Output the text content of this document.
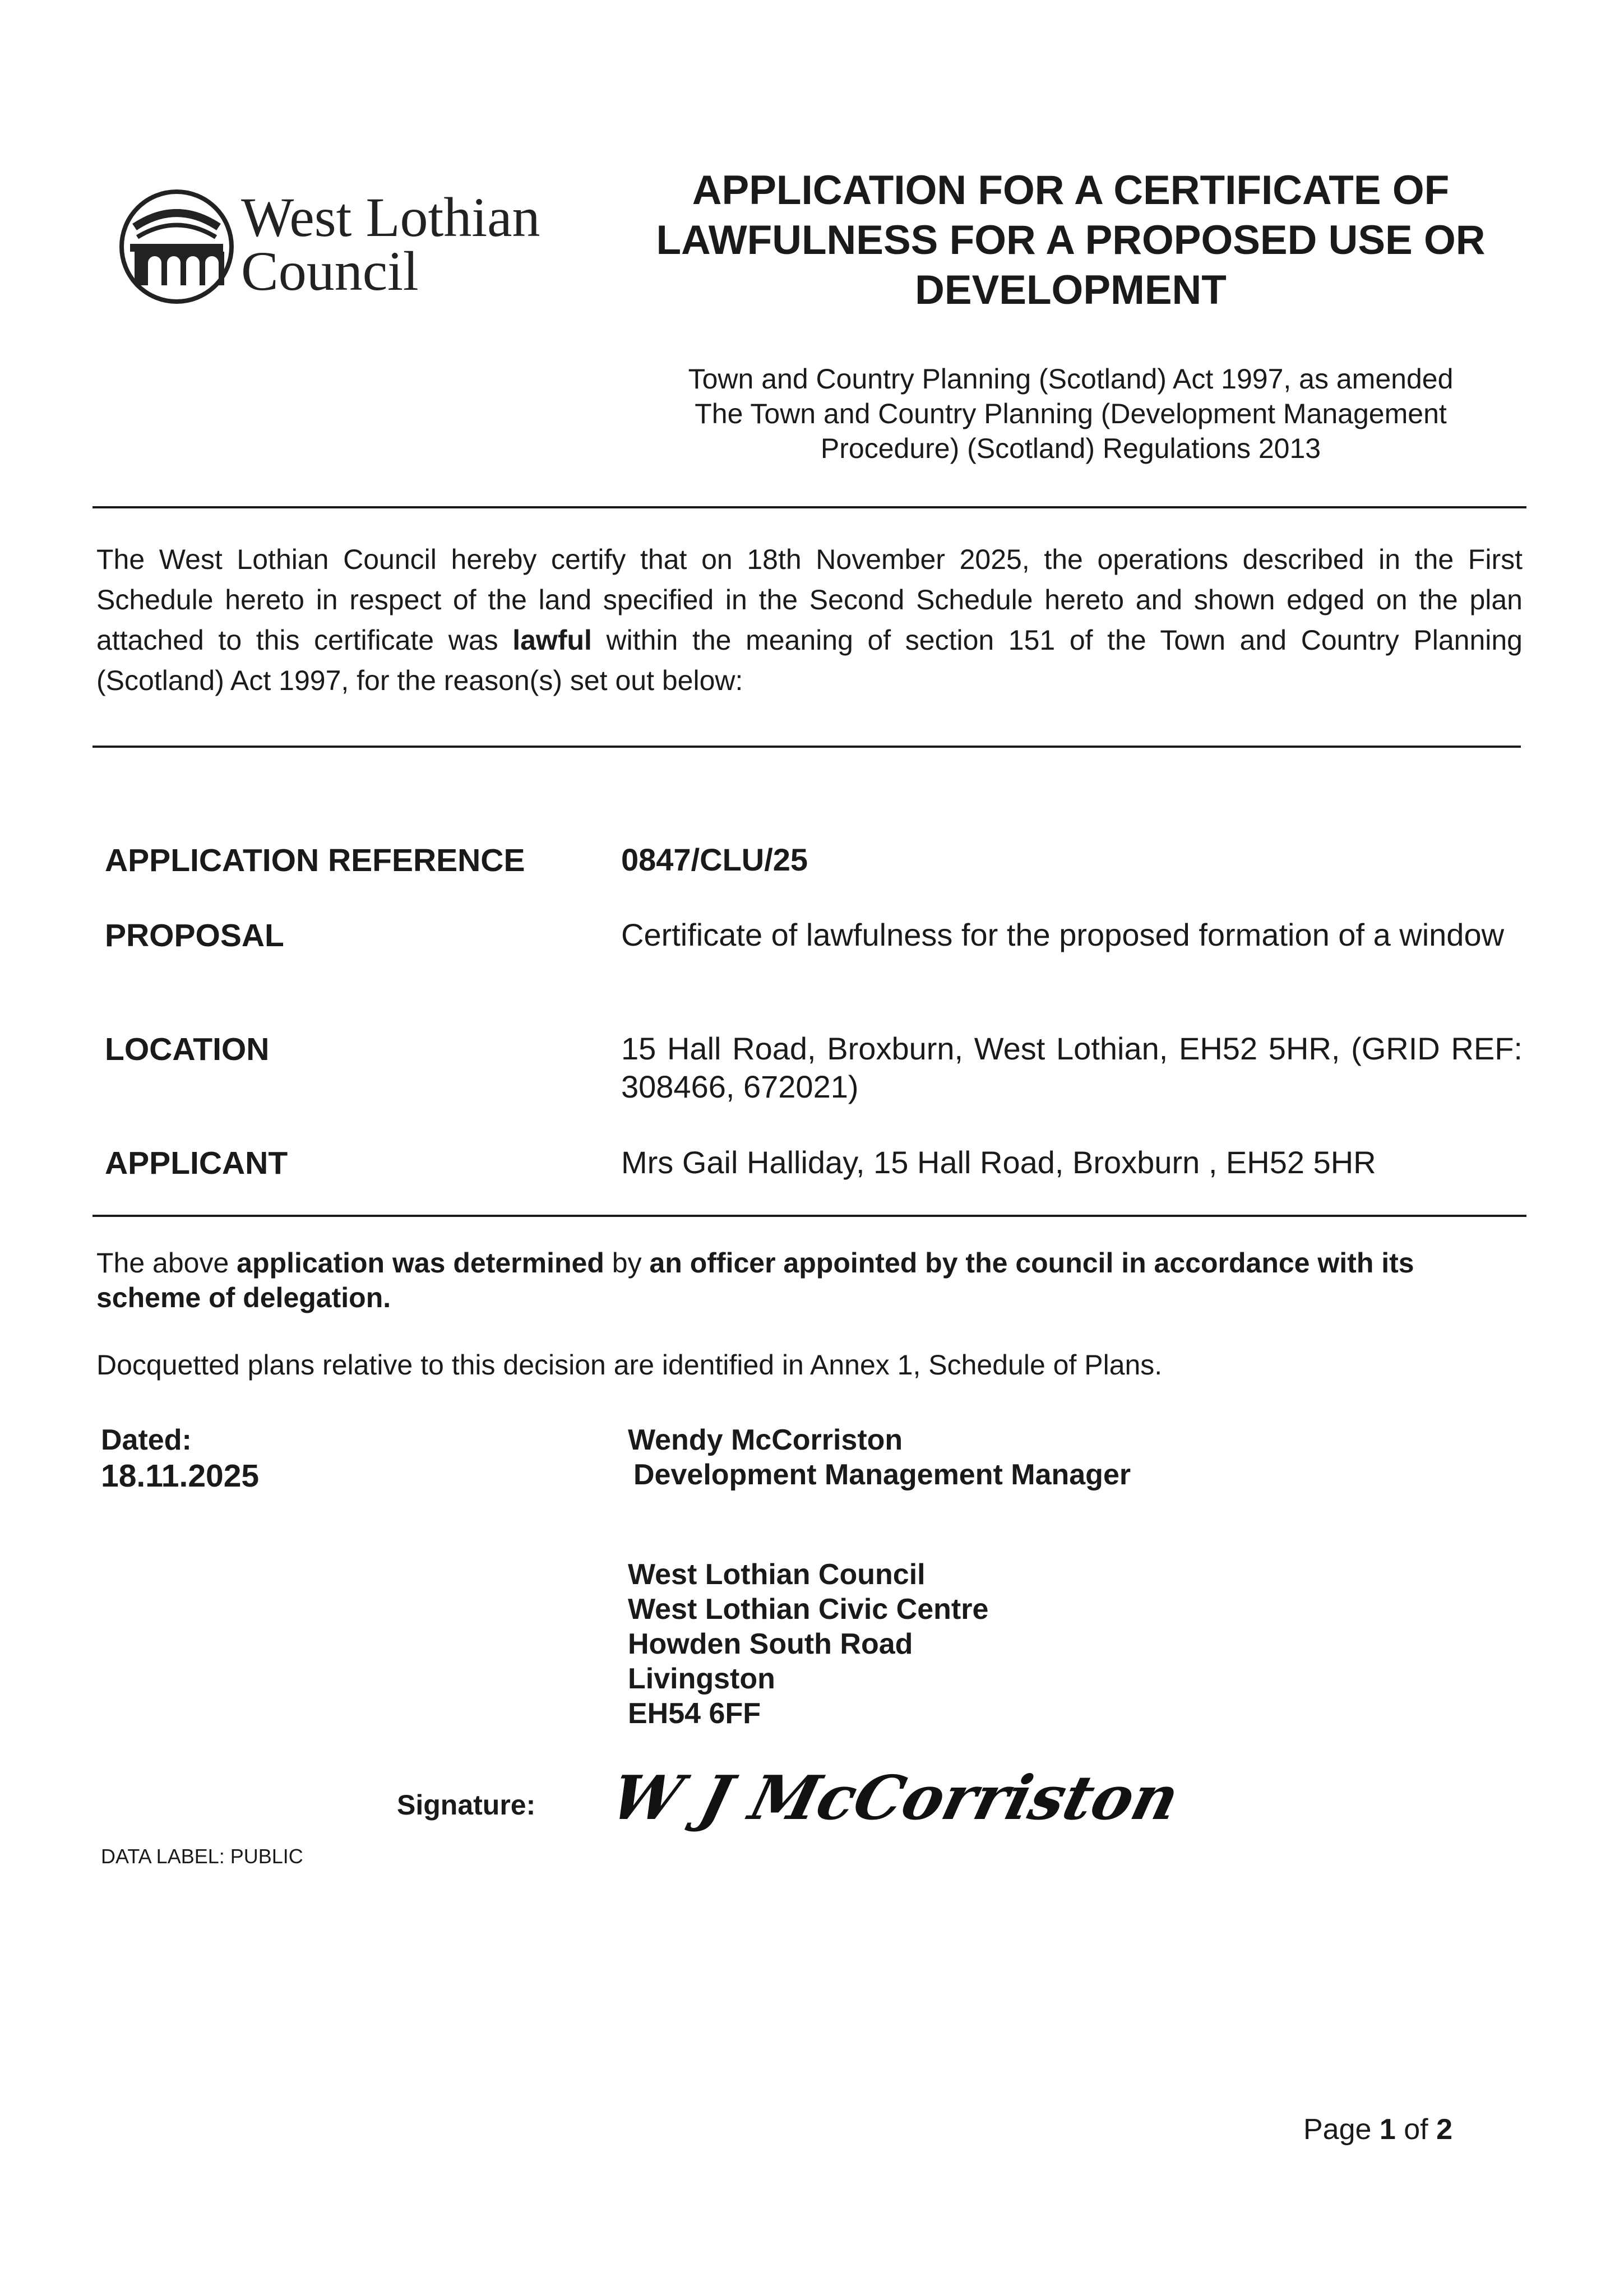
West Lothian
Council
APPLICATION FOR A CERTIFICATE OF
LAWFULNESS FOR A PROPOSED USE OR
DEVELOPMENT
Town and Country Planning (Scotland) Act 1997, as amended
The Town and Country Planning (Development Management
Procedure) (Scotland) Regulations 2013
The West Lothian Council hereby certify that on 18th November 2025, the operations described in the First Schedule hereto in respect of the land specified in the Second Schedule hereto and shown edged on the plan attached to this certificate was lawful within the meaning of section 151 of the Town and Country Planning (Scotland) Act 1997, for the reason(s) set out below:
APPLICATION REFERENCE	0847/CLU/25
PROPOSAL	Certificate of lawfulness for the proposed formation of a window
LOCATION	15 Hall Road, Broxburn, West Lothian, EH52 5HR, (GRID REF: 308466, 672021)
APPLICANT	Mrs Gail Halliday, 15 Hall Road, Broxburn , EH52 5HR
The above application was determined by an officer appointed by the council in accordance with its scheme of delegation.
Docquetted plans relative to this decision are identified in Annex 1, Schedule of Plans.
Dated:
18.11.2025
Wendy McCorriston
Development Management Manager
West Lothian Council
West Lothian Civic Centre
Howden South Road
Livingston
EH54 6FF
Signature: W J McCorriston
DATA LABEL: PUBLIC
Page 1 of 2
